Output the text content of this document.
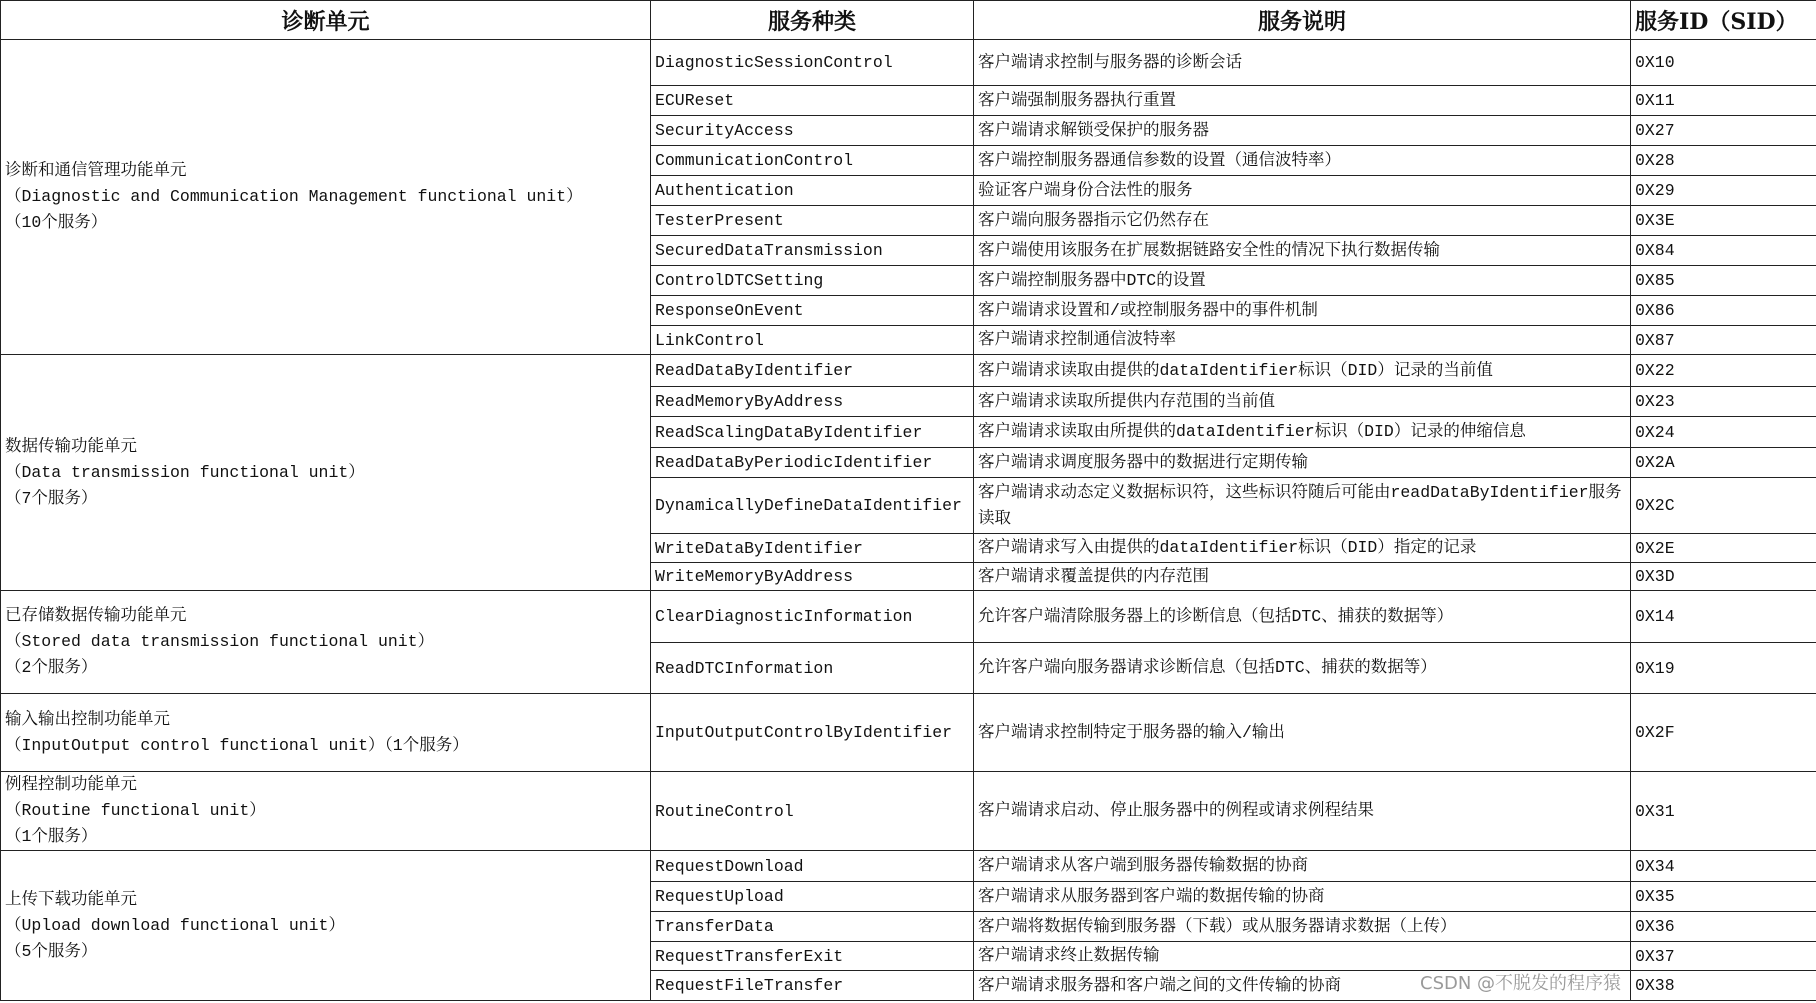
诊断单元	服务种类	服务说明	服务ID（SID）
诊断和通信管理功能单元
（Diagnostic and Communication Management functional unit）
（10个服务）	DiagnosticSessionControl	客户端请求控制与服务器的诊断会话	0X10
	ECUReset	客户端强制服务器执行重置	0X11
	SecurityAccess	客户端请求解锁受保护的服务器	0X27
	CommunicationControl	客户端控制服务器通信参数的设置（通信波特率）	0X28
	Authentication	验证客户端身份合法性的服务	0X29
	TesterPresent	客户端向服务器指示它仍然存在	0X3E
	SecuredDataTransmission	客户端使用该服务在扩展数据链路安全性的情况下执行数据传输	0X84
	ControlDTCSetting	客户端控制服务器中DTC的设置	0X85
	ResponseOnEvent	客户端请求设置和/或控制服务器中的事件机制	0X86
	LinkControl	客户端请求控制通信波特率	0X87
数据传输功能单元
（Data transmission functional unit）
（7个服务）	ReadDataByIdentifier	客户端请求读取由提供的dataIdentifier标识（DID）记录的当前值	0X22
	ReadMemoryByAddress	客户端请求读取所提供内存范围的当前值	0X23
	ReadScalingDataByIdentifier	客户端请求读取由所提供的dataIdentifier标识（DID）记录的伸缩信息	0X24
	ReadDataByPeriodicIdentifier	客户端请求调度服务器中的数据进行定期传输	0X2A
	DynamicallyDefineDataIdentifier	客户端请求动态定义数据标识符，这些标识符随后可能由readDataByIdentifier服务读取	0X2C
	WriteDataByIdentifier	客户端请求写入由提供的dataIdentifier标识（DID）指定的记录	0X2E
	WriteMemoryByAddress	客户端请求覆盖提供的内存范围	0X3D
已存储数据传输功能单元
（Stored data transmission functional unit）
（2个服务）	ClearDiagnosticInformation	允许客户端清除服务器上的诊断信息（包括DTC、捕获的数据等）	0X14
	ReadDTCInformation	允许客户端向服务器请求诊断信息（包括DTC、捕获的数据等）	0X19
输入输出控制功能单元
（InputOutput control functional unit）（1个服务）	InputOutputControlByIdentifier	客户端请求控制特定于服务器的输入/输出	0X2F
例程控制功能单元
（Routine functional unit）
（1个服务）	RoutineControl	客户端请求启动、停止服务器中的例程或请求例程结果	0X31
上传下载功能单元
（Upload download functional unit）
（5个服务）	RequestDownload	客户端请求从客户端到服务器传输数据的协商	0X34
	RequestUpload	客户端请求从服务器到客户端的数据传输的协商	0X35
	TransferData	客户端将数据传输到服务器（下载）或从服务器请求数据（上传）	0X36
	RequestTransferExit	客户端请求终止数据传输	0X37
	RequestFileTransfer	客户端请求服务器和客户端之间的文件传输的协商	0X38
CSDN @不脱发的程序猿
